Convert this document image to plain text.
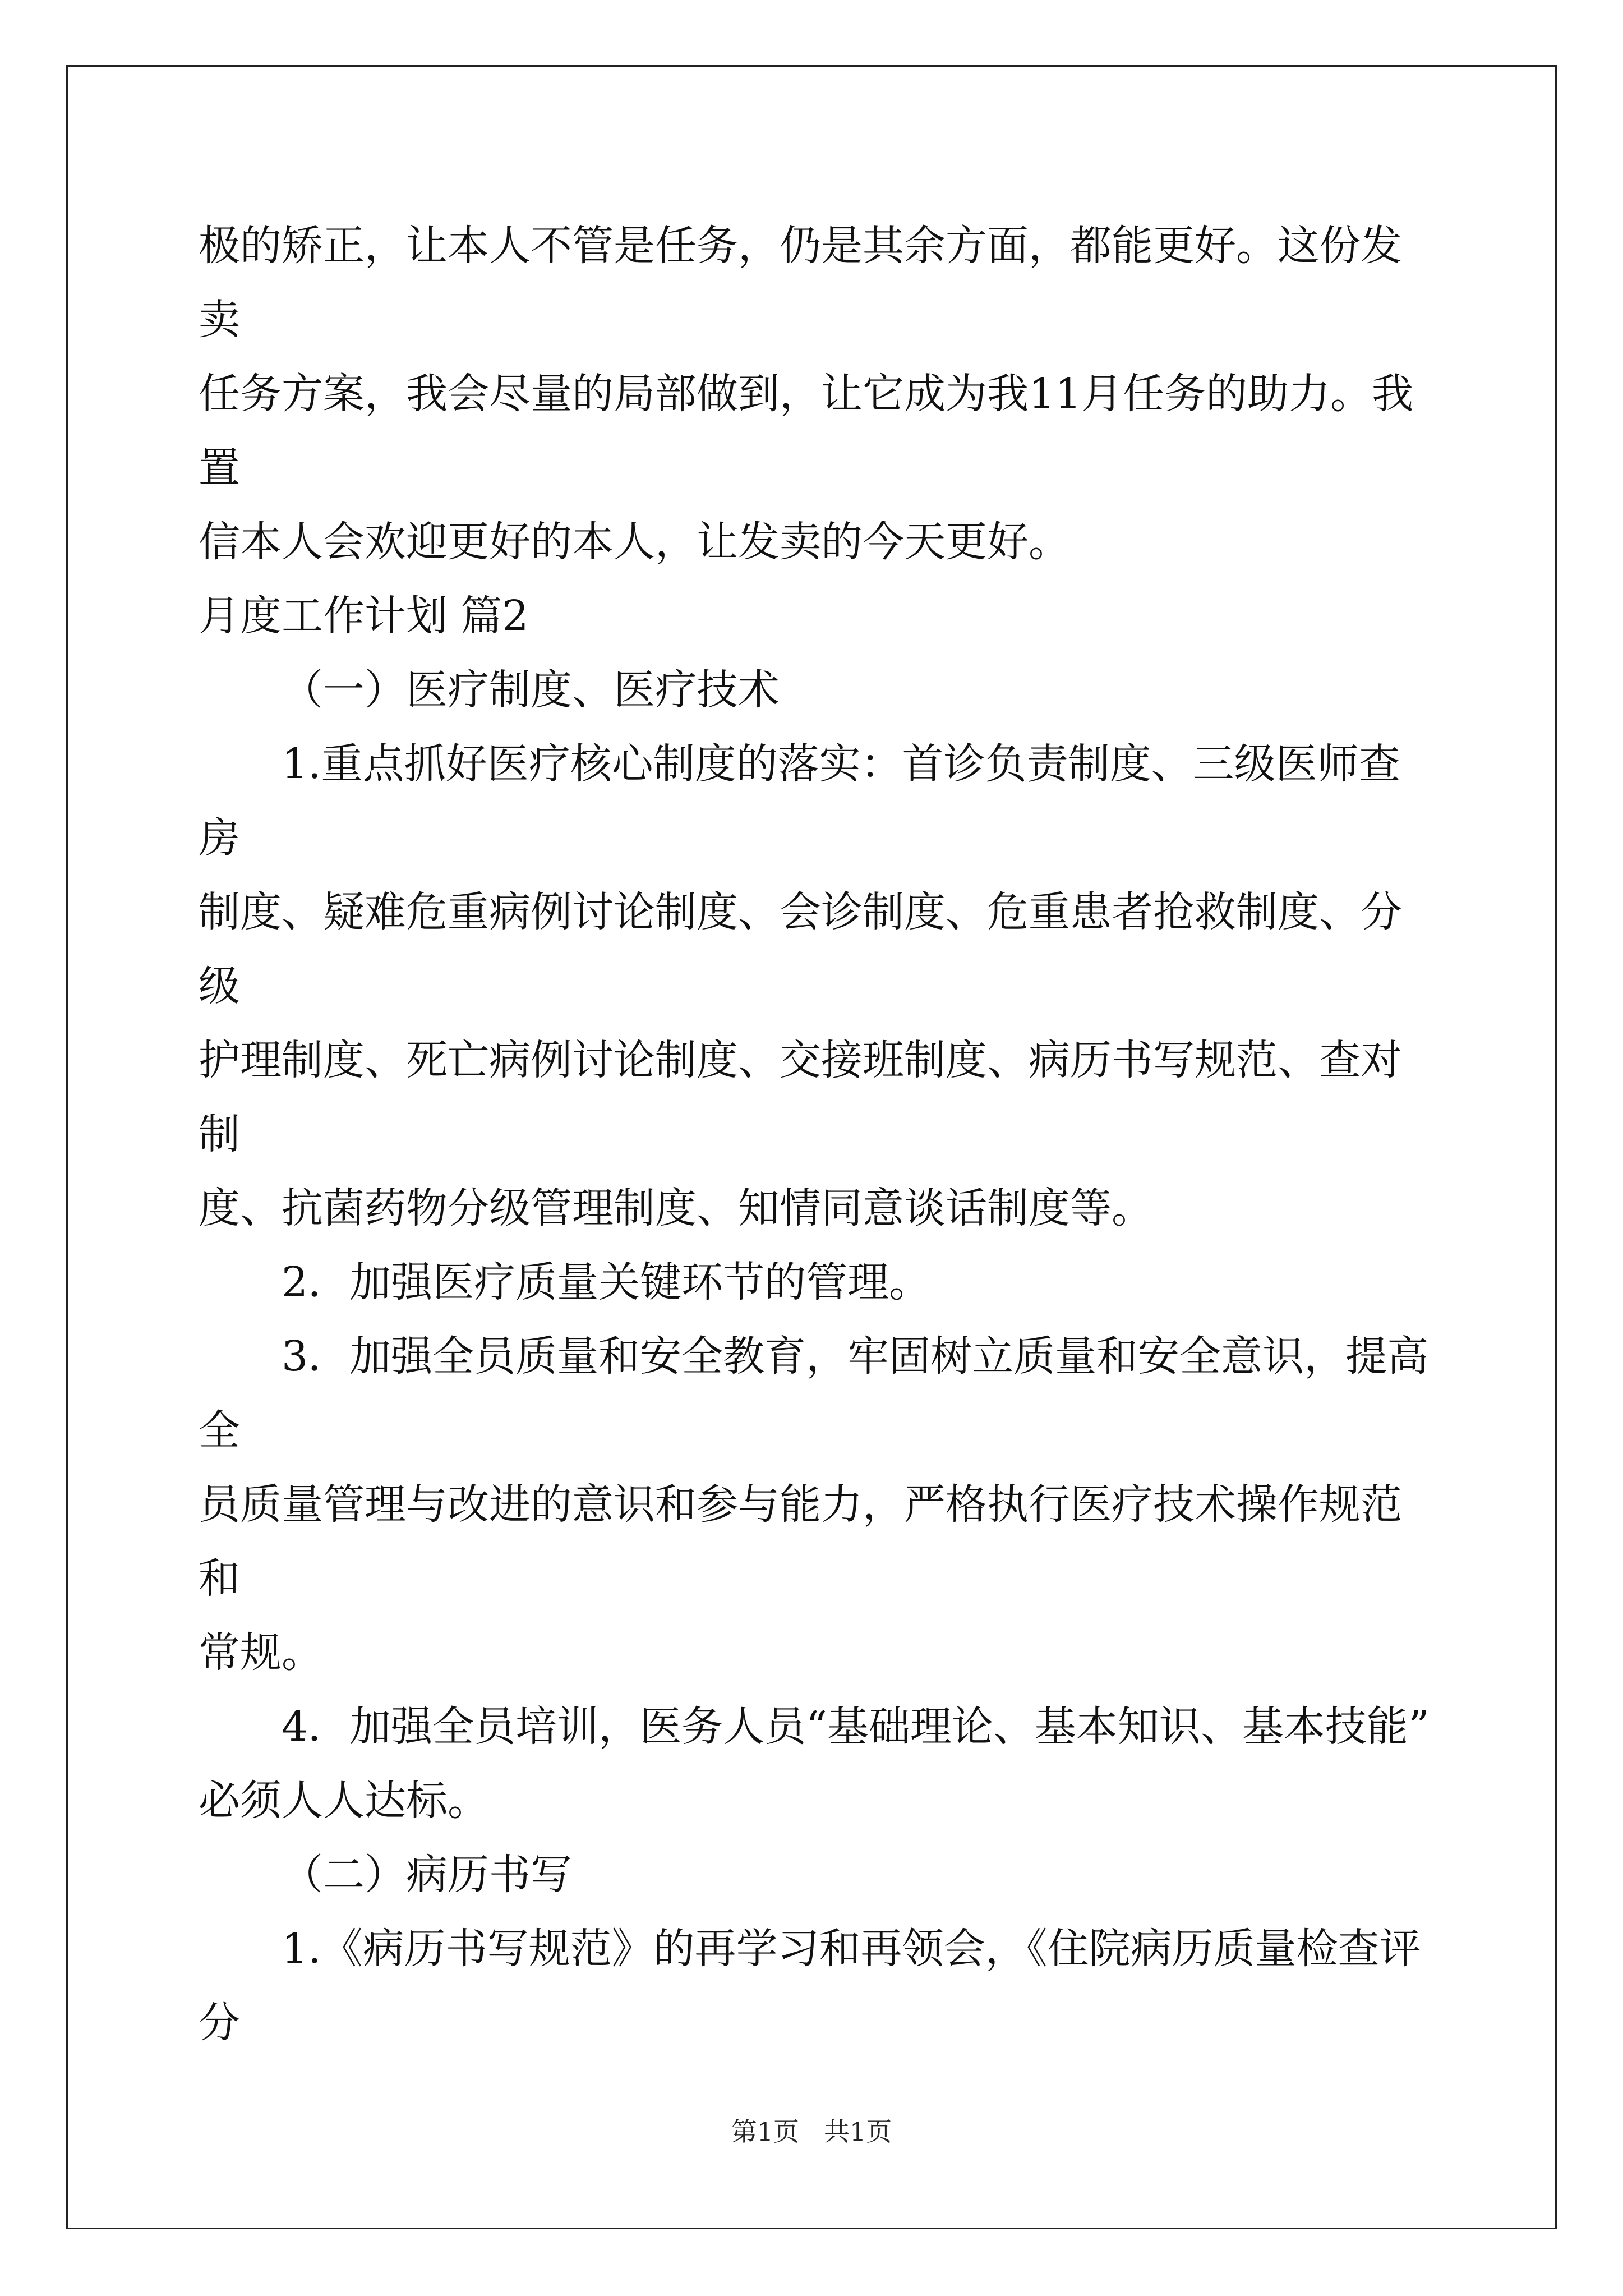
极的矫正，让本人不管是任务，仍是其余方面，都能更好。这份发卖

任务方案，我会尽量的局部做到，让它成为我11月任务的助力。我置

信本人会欢迎更好的本人，让发卖的今天更好。

月度工作计划 篇2

（一）医疗制度、医疗技术

1.重点抓好医疗核心制度的落实：首诊负责制度、三级医师查房

制度、疑难危重病例讨论制度、会诊制度、危重患者抢救制度、分级

护理制度、死亡病例讨论制度、交接班制度、病历书写规范、查对制

度、抗菌药物分级管理制度、知情同意谈话制度等。

2．加强医疗质量关键环节的管理。

3．加强全员质量和安全教育，牢固树立质量和安全意识，提高全

员质量管理与改进的意识和参与能力，严格执行医疗技术操作规范和

常规。

4．加强全员培训，医务人员“基础理论、基本知识、基本技能”

必须人人达标。

（二）病历书写

1.《病历书写规范》的再学习和再领会，《住院病历质量检查评分

第1页 共1页
